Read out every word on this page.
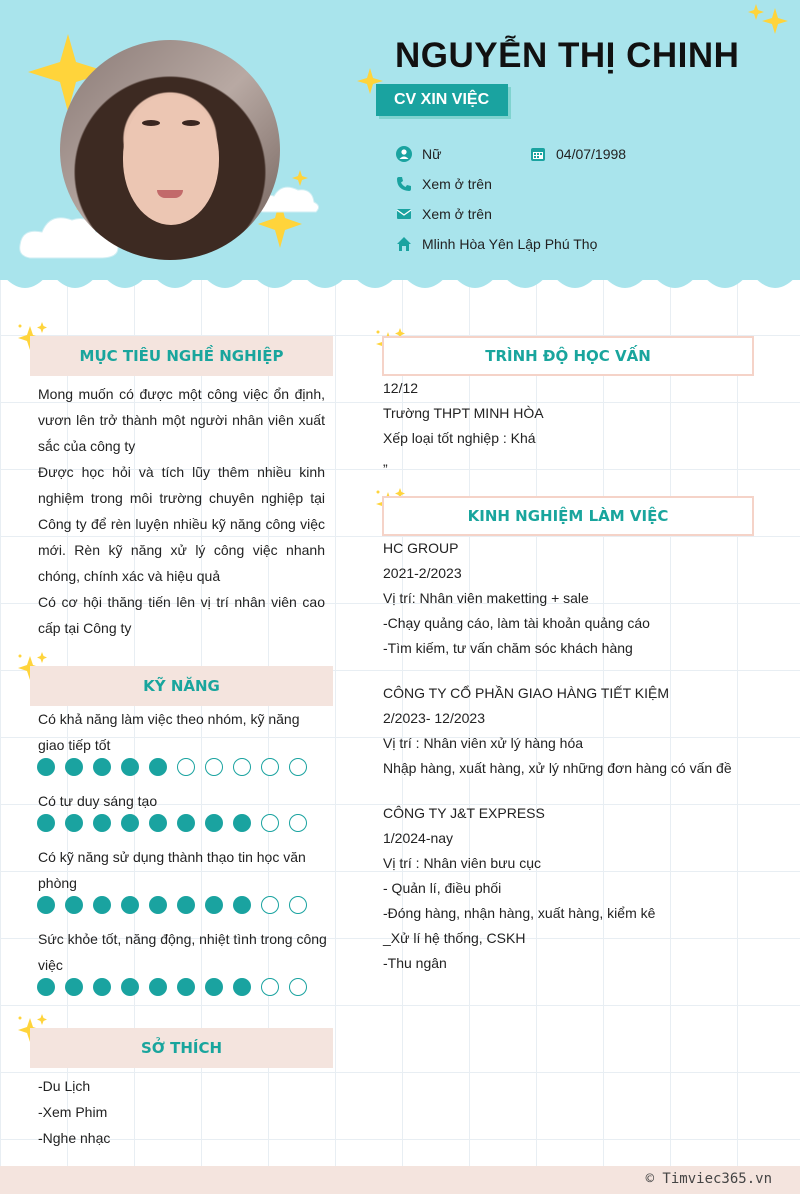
NGUYỄN THỊ CHINH
CV XIN VIỆC
Nữ	04/07/1998
Xem ở trên
Xem ở trên
Mlinh Hòa Yên Lập Phú Thọ
MỤC TIÊU NGHỀ NGHIỆP
Mong muốn có được một công việc ổn định, vươn lên trở thành một người nhân viên xuất sắc của công ty
Được học hỏi và tích lũy thêm nhiều kinh nghiệm trong môi trường chuyên nghiệp tại Công ty để rèn luyện nhiều kỹ năng công việc mới. Rèn kỹ năng xử lý công việc nhanh chóng, chính xác và hiệu quả
Có cơ hội thăng tiến lên vị trí nhân viên cao cấp tại Công ty
KỸ NĂNG
Có khả năng làm việc theo nhóm, kỹ năng giao tiếp tốt
Có tư duy sáng tạo
Có kỹ năng sử dụng thành thạo tin học văn phòng
Sức khỏe tốt, năng động, nhiệt tình trong công việc
SỞ THÍCH
-Du Lịch
-Xem Phim
-Nghe nhạc
TRÌNH ĐỘ HỌC VẤN
12/12
Trường THPT MINH HÒA
Xếp loại tốt nghiệp : Khá
”
KINH NGHIỆM LÀM VIỆC
HC GROUP
2021-2/2023
Vị trí: Nhân viên maketting + sale
-Chạy quảng cáo, làm tài khoản quảng cáo
-Tìm kiếm, tư vấn chăm sóc khách hàng
CÔNG TY CỔ PHẦN GIAO HÀNG TIẾT KIỆM
2/2023- 12/2023
Vị trí : Nhân viên xử lý hàng hóa
Nhập hàng, xuất hàng, xử lý những đơn hàng có vấn đề
CÔNG TY J&T EXPRESS
1/2024-nay
Vị trí : Nhân viên bưu cục
- Quản lí, điều phối
-Đóng hàng, nhận hàng, xuất hàng, kiểm kê
_Xử lí hệ thống, CSKH
-Thu ngân
© Timviec365.vn
